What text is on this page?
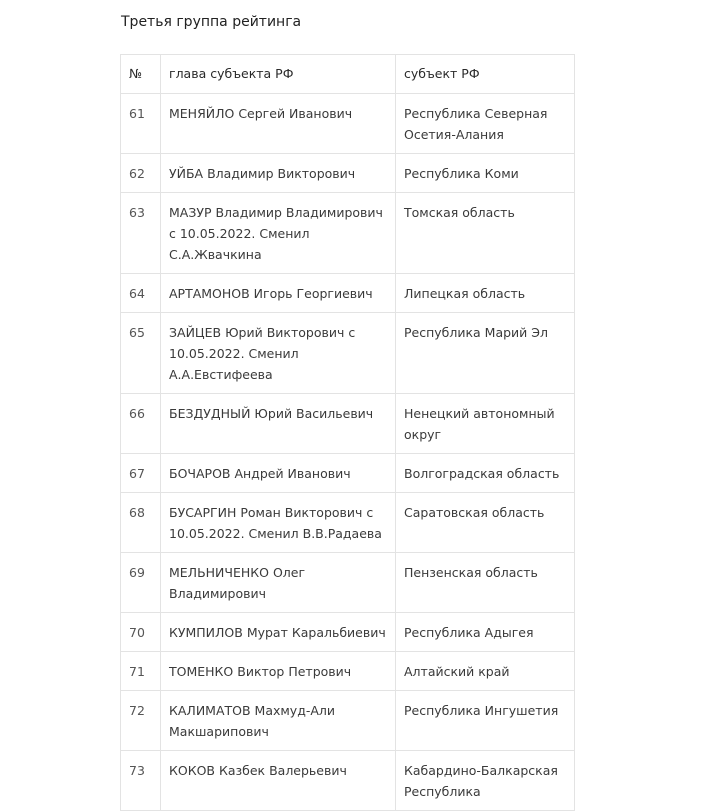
Третья группа рейтинга
№	глава субъекта РФ	субъект РФ
61	МЕНЯЙЛО Сергей Иванович	Республика Северная Осетия-Алания
62	УЙБА Владимир Викторович	Республика Коми
63	МАЗУР Владимир Владимирович с 10.05.2022. Сменил С.А.Жвачкина	Томская область
64	АРТАМОНОВ Игорь Георгиевич	Липецкая область
65	ЗАЙЦЕВ Юрий Викторович с 10.05.2022. Сменил А.А.Евстифеева	Республика Марий Эл
66	БЕЗДУДНЫЙ Юрий Васильевич	Ненецкий автономный округ
67	БОЧАРОВ Андрей Иванович	Волгоградская область
68	БУСАРГИН Роман Викторович с 10.05.2022. Сменил В.В.Радаева	Саратовская область
69	МЕЛЬНИЧЕНКО Олег Владимирович	Пензенская область
70	КУМПИЛОВ Мурат Каральбиевич	Республика Адыгея
71	ТОМЕНКО Виктор Петрович	Алтайский край
72	КАЛИМАТОВ Махмуд-Али Макшарипович	Республика Ингушетия
73	КОКОВ Казбек Валерьевич	Кабардино-Балкарская Республика
